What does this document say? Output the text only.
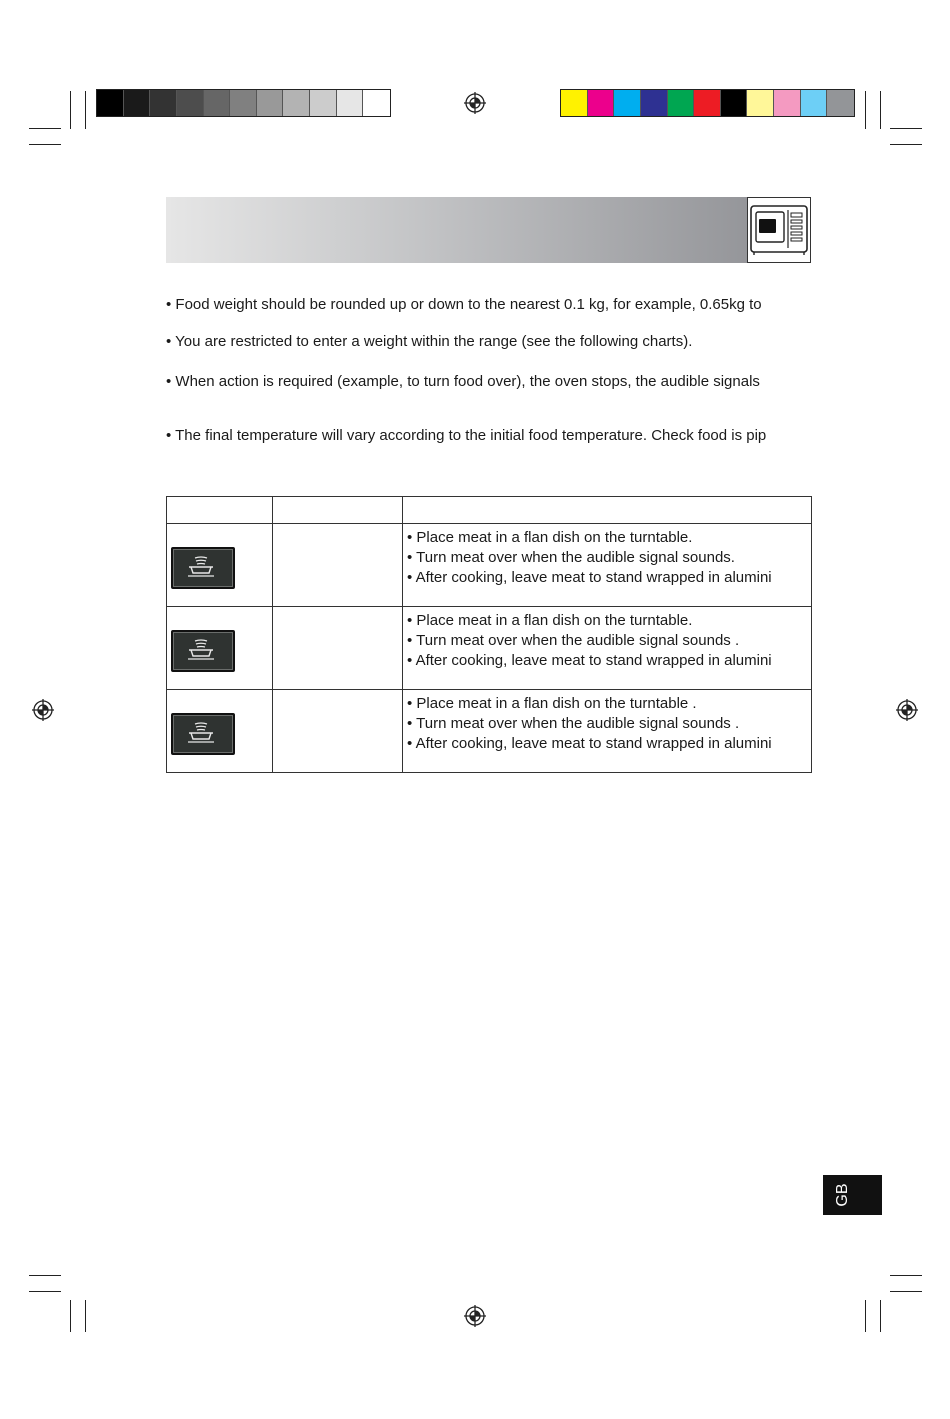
• Food weight should be rounded up or down to the nearest 0.1 kg, for example, 0.65kg to
• You are restricted to enter a weight within the range (see the following charts).
• When action is required (example, to turn food over), the oven stops, the audible signals
• The final temperature will vary according to the initial food temperature. Check food is pip

• Place meat in a flan dish on the turntable.
• Turn meat over when the audible signal sounds.
• After cooking, leave meat to stand wrapped in alumini

• Place meat in a flan dish on the turntable.
• Turn meat over when the audible signal sounds .
• After cooking, leave meat to stand wrapped in alumini

• Place meat in a flan dish on the turntable .
• Turn meat over when the audible signal sounds .
• After cooking, leave meat to stand wrapped in alumini
GB
